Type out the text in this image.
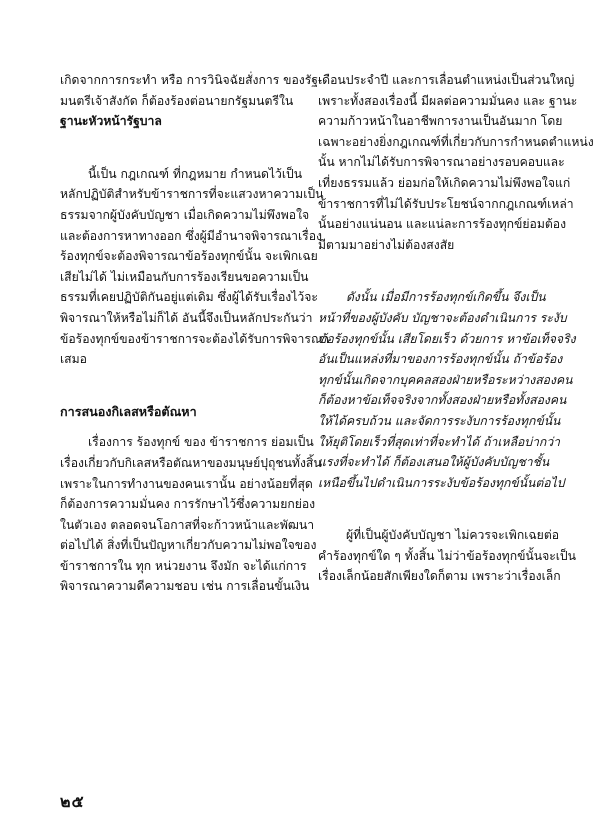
เกิดจากการกระทำ หรือ การวินิจฉัยสั่งการ ของรัฐ-
มนตรีเจ้าสังกัด ก็ต้องร้องต่อนายกรัฐมนตรีใน
ฐานะหัวหน้ารัฐบาล
นี้เป็น กฎเกณฑ์ ที่กฎหมาย กำหนดไว้เป็น
หลักปฏิบัติสำหรับข้าราชการที่จะแสวงหาความเป็น
ธรรมจากผู้บังคับบัญชา เมื่อเกิดความไม่พึงพอใจ
และต้องการหาทางออก ซึ่งผู้มีอำนาจพิจารณาเรื่อง
ร้องทุกข์จะต้องพิจารณาข้อร้องทุกข์นั้น จะเพิกเฉย
เสียไม่ได้ ไม่เหมือนกับการร้องเรียนขอความเป็น
ธรรมที่เคยปฏิบัติกันอยู่แต่เดิม ซึ่งผู้ได้รับเรื่องไว้จะ
พิจารณาให้หรือไม่ก็ได้ อันนี้จึงเป็นหลักประกันว่า
ข้อร้องทุกข์ของข้าราชการจะต้องได้รับการพิจารณา
เสมอ
การสนองกิเลสหรือตัณหา
เรื่องการ ร้องทุกข์ ของ ข้าราชการ ย่อมเป็น
เรื่องเกี่ยวกับกิเลสหรือตัณหาของมนุษย์ปุถุชนทั้งสิ้น
เพราะในการทำงานของคนเรานั้น อย่างน้อยที่สุด
ก็ต้องการความมั่นคง การรักษาไว้ซึ่งความยกย่อง
ในตัวเอง ตลอดจนโอกาสที่จะก้าวหน้าและพัฒนา
ต่อไปได้ สิ่งที่เป็นปัญหาเกี่ยวกับความไม่พอใจของ
ข้าราชการใน ทุก หน่วยงาน จึงมัก จะได้แก่การ
พิจารณาความดีความชอบ เช่น การเลื่อนขั้นเงิน
เดือนประจำปี และการเลื่อนตำแหน่งเป็นส่วนใหญ่
เพราะทั้งสองเรื่องนี้ มีผลต่อความมั่นคง และ ฐานะ
ความก้าวหน้าในอาชีพการงานเป็นอันมาก โดย
เฉพาะอย่างยิ่งกฎเกณฑ์ที่เกี่ยวกับการกำหนดตำแหน่ง
นั้น หากไม่ได้รับการพิจารณาอย่างรอบคอบและ
เที่ยงธรรมแล้ว ย่อมก่อให้เกิดความไม่พึงพอใจแก่
ข้าราชการที่ไม่ได้รับประโยชน์จากกฎเกณฑ์เหล่า
นั้นอย่างแน่นอน และแน่ละการร้องทุกข์ย่อมต้อง
มีตามมาอย่างไม่ต้องสงสัย
ดังนั้น เมื่อมีการร้องทุกข์เกิดขึ้น จึงเป็น
หน้าที่ของผู้บังคับ บัญชาจะต้องดำเนินการ ระงับ
ข้อร้องทุกข์นั้น เสียโดยเร็ว ด้วยการ หาข้อเท็จจริง
อันเป็นแหล่งที่มาของการร้องทุกข์นั้น ถ้าข้อร้อง
ทุกข์นั้นเกิดจากบุคคลสองฝ่ายหรือระหว่างสองคน
ก็ต้องหาข้อเท็จจริงจากทั้งสองฝ่ายหรือทั้งสองคน
ให้ได้ครบถ้วน และจัดการระงับการร้องทุกข์นั้น
ให้ยุติโดยเร็วที่สุดเท่าที่จะทำได้ ถ้าเหลือบ่ากว่า
แรงที่จะทำได้ ก็ต้องเสนอให้ผู้บังคับบัญชาชั้น
เหนือขึ้นไปดำเนินการระงับข้อร้องทุกข์นั้นต่อไป
ผู้ที่เป็นผู้บังคับบัญชา ไม่ควรจะเพิกเฉยต่อ
คำร้องทุกข์ใด ๆ ทั้งสิ้น ไม่ว่าข้อร้องทุกข์นั้นจะเป็น
เรื่องเล็กน้อยสักเพียงใดก็ตาม เพราะว่าเรื่องเล็ก
๒๕
